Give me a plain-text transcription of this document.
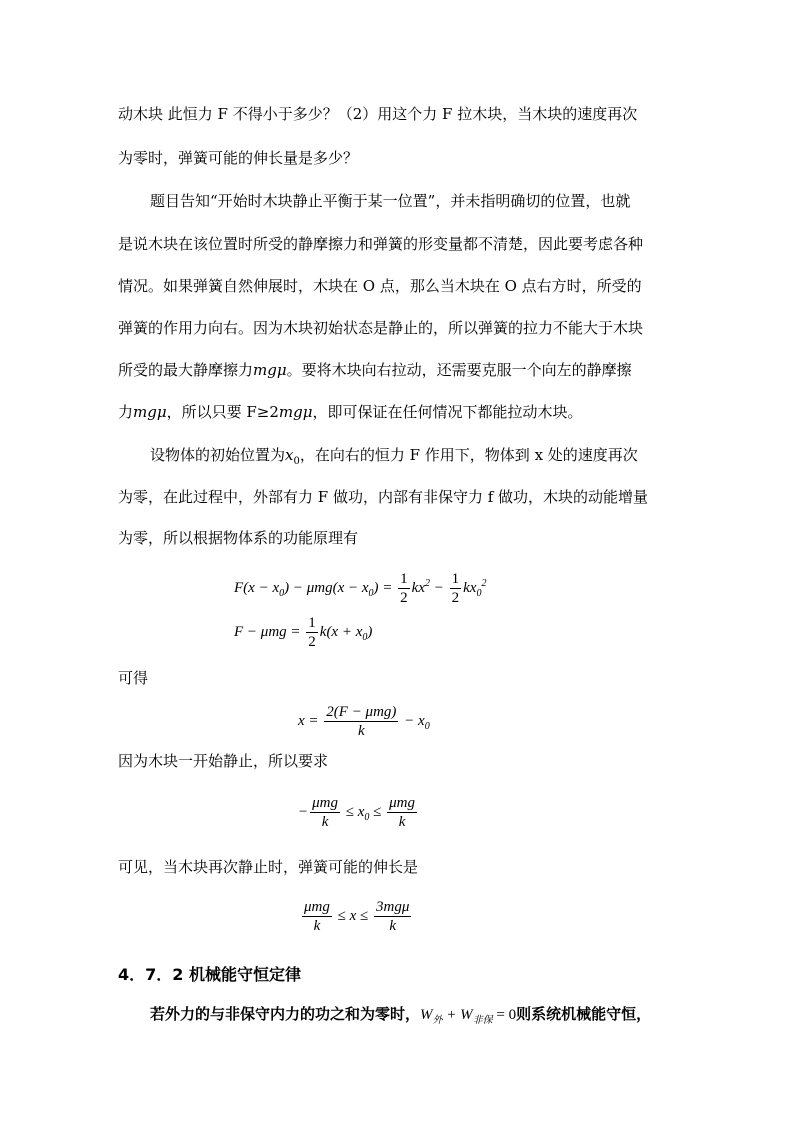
动木块 此恒力 F 不得小于多少？（2）用这个力 F 拉木块，当木块的速度再次
为零时，弹簧可能的伸长量是多少？
题目告知“开始时木块静止平衡于某一位置”，并未指明确切的位置，也就
是说木块在该位置时所受的静摩擦力和弹簧的形变量都不清楚，因此要考虑各种
情况。如果弹簧自然伸展时，木块在 O 点，那么当木块在 O 点右方时，所受的
弹簧的作用力向右。因为木块初始状态是静止的，所以弹簧的拉力不能大于木块
所受的最大静摩擦力mgμ。要将木块向右拉动，还需要克服一个向左的静摩擦
力mgμ，所以只要 F≥2mgμ，即可保证在任何情况下都能拉动木块。
设物体的初始位置为$x_0$，在向右的恒力 F 作用下，物体到 x 处的速度再次
为零，在此过程中，外部有力 F 做功，内部有非保守力 f 做功，木块的动能增量
为零，所以根据物体系的功能原理有
$F(x - x_0) - \mu mg(x - x_0) = \frac{1}{2} kx^2 - \frac{1}{2} kx_0^2$
$F - \mu mg = \frac{1}{2} k(x + x_0)$
可得
$x = \frac{\text{2(F − μmg)}}{k} - x_0$
因为木块一开始静止，所以要求
− $\frac{\text{μmg}}{k} \le x_0 \le \frac{\text{μmg}}{k}$
可见，当木块再次静止时，弹簧可能的伸长是
$\frac{\text{μmg}}{k} \le x \le \frac{\text{3mgμ}}{k}$
4．7．2 机械能守恒定律
若外力的与非保守内力的功之和为零时，$W_外 + W_{非保} = 0$则系统机械能守恒，
